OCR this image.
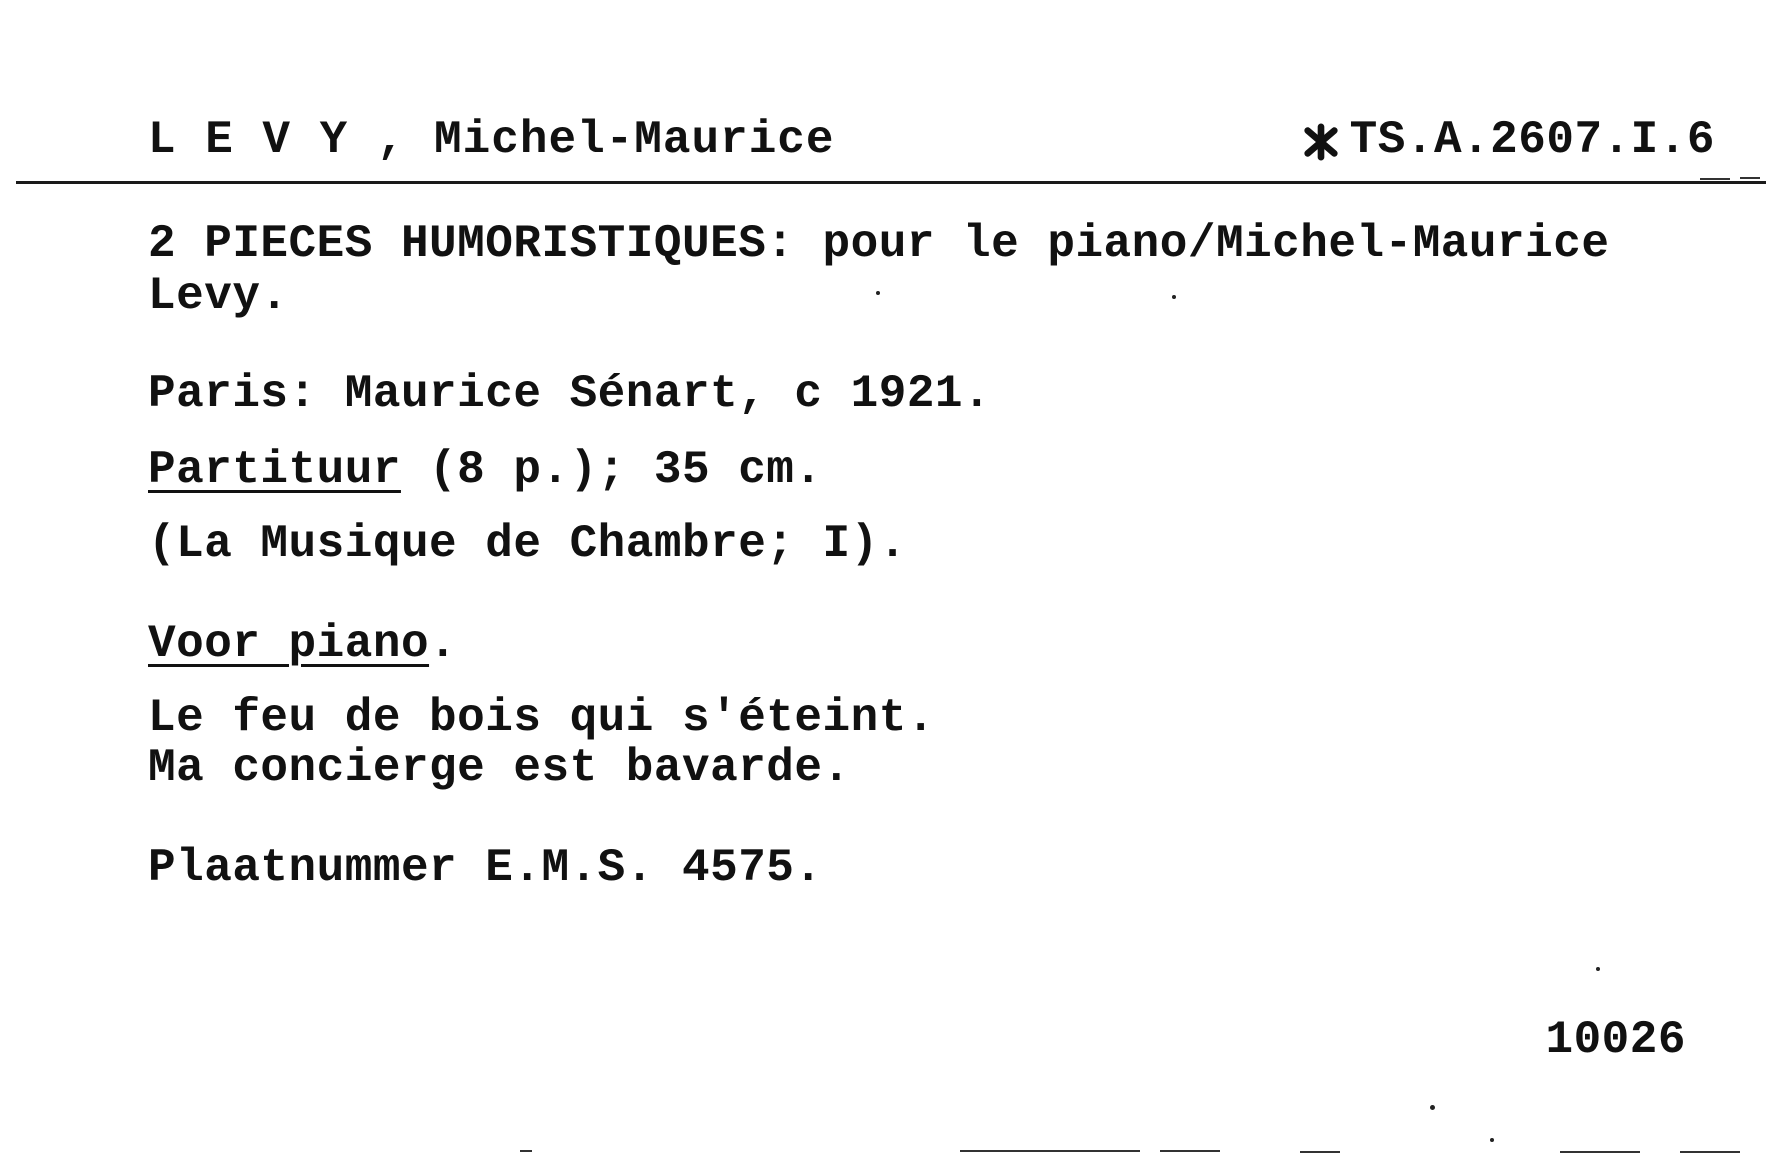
L E V Y , Michel-Maurice	TS.A.2607.I.6
2 PIECES HUMORISTIQUES: pour le piano/Michel-Maurice
Levy.
Paris: Maurice Sénart, c 1921.
Partituur (8 p.); 35 cm.
(La Musique de Chambre; I).
Voor piano.
Le feu de bois qui s'éteint.
Ma concierge est bavarde.
Plaatnummer E.M.S. 4575.
10026
